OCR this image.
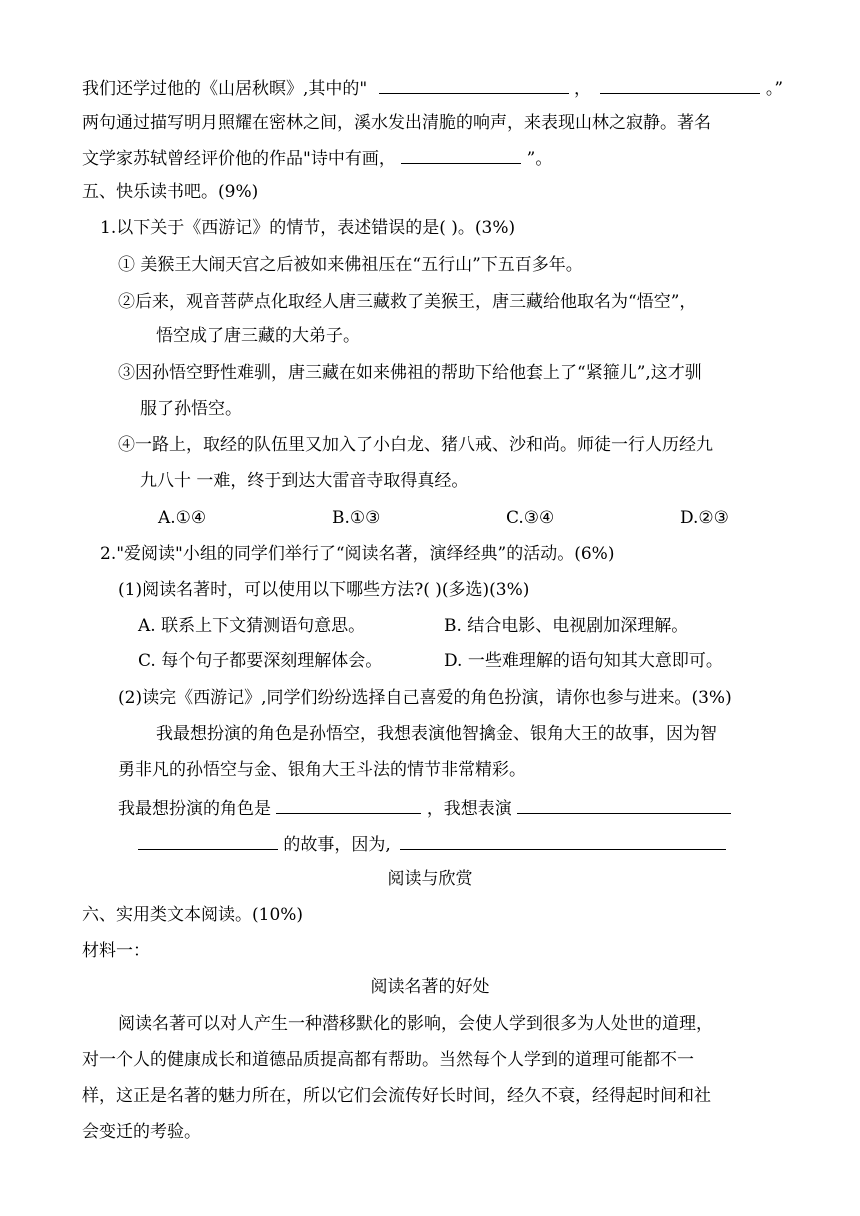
我们还学过他的《山居秋暝》,其中的"	，	。”
两句通过描写明月照耀在密林之间，溪水发出清脆的响声，来表现山林之寂静。著名
文学家苏轼曾经评价他的作品"诗中有画，	”。
五、快乐读书吧。(9%)
1.以下关于《西游记》的情节，表述错误的是( )。(3%)
① 美猴王大闹天宫之后被如来佛祖压在“五行山”下五百多年。
②后来，观音菩萨点化取经人唐三藏救了美猴王，唐三藏给他取名为“悟空”，
悟空成了唐三藏的大弟子。
③因孙悟空野性难驯，唐三藏在如来佛祖的帮助下给他套上了“紧箍儿”,这才驯
服了孙悟空。
④一路上，取经的队伍里又加入了小白龙、猪八戒、沙和尚。师徒一行人历经九
九八十 一难，终于到达大雷音寺取得真经。
A.①④	B.①③	C.③④	D.②③
2."爱阅读"小组的同学们举行了“阅读名著，演绎经典”的活动。(6%)
(1)阅读名著时，可以使用以下哪些方法?( )(多选)(3%)
A. 联系上下文猜测语句意思。	B. 结合电影、电视剧加深理解。
C. 每个句子都要深刻理解体会。	D. 一些难理解的语句知其大意即可。
(2)读完《西游记》,同学们纷纷选择自己喜爱的角色扮演，请你也参与进来。(3%)
我最想扮演的角色是孙悟空，我想表演他智擒金、银角大王的故事，因为智
勇非凡的孙悟空与金、银角大王斗法的情节非常精彩。
我最想扮演的角色是	，我想表演
的故事，因为,
阅读与欣赏
六、实用类文本阅读。(10%)
材料一：
阅读名著的好处
阅读名著可以对人产生一种潜移默化的影响，会使人学到很多为人处世的道理，
对一个人的健康成长和道德品质提高都有帮助。当然每个人学到的道理可能都不一
样，这正是名著的魅力所在，所以它们会流传好长时间，经久不衰，经得起时间和社
会变迁的考验。
